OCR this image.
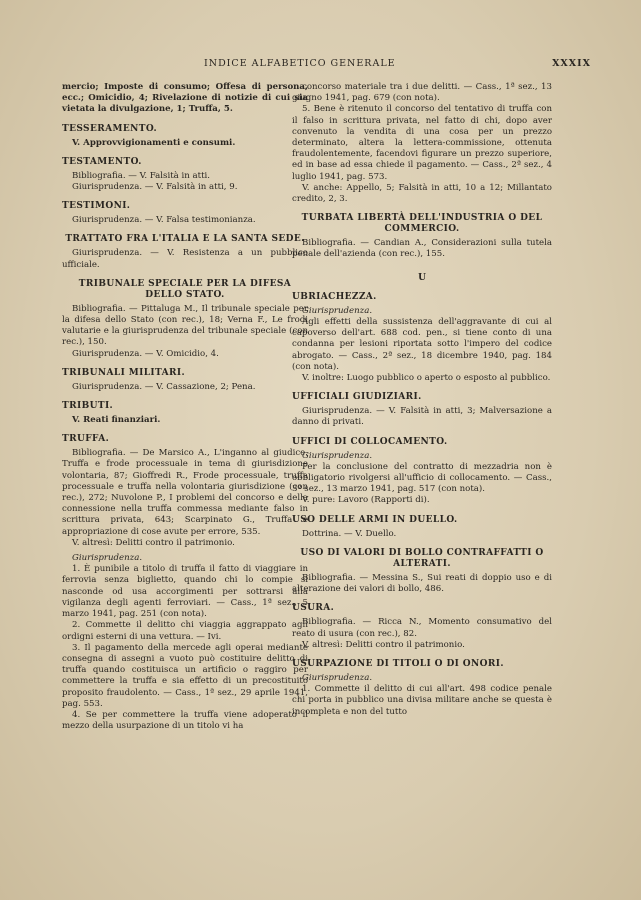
INDICE ALFABETICO GENERALE	XXXIX

mercio; Imposte di consumo; Offesa di persona, ecc.; Omicidio, 4; Rivelazione di notizie di cui sia vietata la divulgazione, 1; Truffa, 5.

TESSERAMENTO.

V. Approvvigionamenti e consumi.

TESTAMENTO.

Bibliografia. — V. Falsità in atti.

Giurisprudenza. — V. Falsità in atti, 9.

TESTIMONI.

Giurisprudenza. — V. Falsa testimonianza.

TRATTATO FRA L'ITALIA E LA SANTA SEDE.

Giurisprudenza. — V. Resistenza a un pubblico ufficiale.

TRIBUNALE SPECIALE PER LA DIFESA DELLO STATO.

Bibliografia. — Pittaluga M., Il tribunale speciale per la difesa dello Stato (con rec.), 18; Verna F., Le frodi valutarie e la giurisprudenza del tribunale speciale (con rec.), 150.

Giurisprudenza. — V. Omicidio, 4.

TRIBUNALI MILITARI.

Giurisprudenza. — V. Cassazione, 2; Pena.

TRIBUTI.

V. Reati finanziari.

TRUFFA.

Bibliografia. — De Marsico A., L'inganno al giudice. Truffa e frode processuale in tema di giurisdizione volontaria, 87; Gioffredi R., Frode processuale, truffa processuale e truffa nella volontaria giurisdizione (con rec.), 272; Nuvolone P., I problemi del concorso e della connessione nella truffa commessa mediante falso in scrittura privata, 643; Scarpinato G., Truffa e appropriazione di cose avute per errore, 535.

V. altresì: Delitti contro il patrimonio.

Giurisprudenza.

1. È punibile a titolo di truffa il fatto di viaggiare in ferrovia senza biglietto, quando chi lo compie si nasconde od usa accorgimenti per sottrarsi alla vigilanza degli agenti ferroviari. — Cass., 1ª sez., 5 marzo 1941, pag. 251 (con nota).

2. Commette il delitto chi viaggia aggrappato agli ordigni esterni di una vettura. — Ivi.

3. Il pagamento della mercede agli operai mediante consegna di assegni a vuoto può costituire delitto di truffa quando costituisca un artificio o raggiro per commettere la truffa e sia effetto di un precostituito proposito fraudolento. — Cass., 1ª sez., 29 aprile 1941, pag. 553.

4. Se per commettere la truffa viene adoperato il mezzo della usurpazione di un titolo vi ha

concorso materiale tra i due delitti. — Cass., 1ª sez., 13 giugno 1941, pag. 679 (con nota).

5. Bene è ritenuto il concorso del tentativo di truffa con il falso in scrittura privata, nel fatto di chi, dopo aver convenuto la vendita di una cosa per un prezzo determinato, altera la lettera-commissione, ottenuta fraudolentemente, facendovi figurare un prezzo superiore, ed in base ad essa chiede il pagamento. — Cass., 2ª sez., 4 luglio 1941, pag. 573.

V. anche: Appello, 5; Falsità in atti, 10 a 12; Millantato credito, 2, 3.

TURBATA LIBERTÀ DELL'INDUSTRIA O DEL COMMERCIO.

Bibliografia. — Candian A., Considerazioni sulla tutela penale dell'azienda (con rec.), 155.

U
UBRIACHEZZA.

Giurisprudenza.

Agli effetti della sussistenza dell'aggravante di cui al capoverso dell'art. 688 cod. pen., si tiene conto di una condanna per lesioni riportata sotto l'impero del codice abrogato. — Cass., 2ª sez., 18 dicembre 1940, pag. 184 (con nota).

V. inoltre: Luogo pubblico o aperto o esposto al pubblico.

UFFICIALI GIUDIZIARI.

Giurisprudenza. — V. Falsità in atti, 3; Malversazione a danno di privati.

UFFICI DI COLLOCAMENTO.

Giurisprudenza.

Per la conclusione del contratto di mezzadria non è obbligatorio rivolgersi all'ufficio di collocamento. — Cass., 3ª sez., 13 marzo 1941, pag. 517 (con nota).

V. pure: Lavoro (Rapporti di).

USO DELLE ARMI IN DUELLO.

Dottrina. — V. Duello.

USO DI VALORI DI BOLLO CONTRAFFATTI O ALTERATI.

Bibliografia. — Messina S., Sui reati di doppio uso e di alterazione dei valori di bollo, 486.

USURA.

Bibliografia. — Ricca N., Momento consumativo del reato di usura (con rec.), 82.

V. altresì: Delitti contro il patrimonio.

USURPAZIONE DI TITOLI O DI ONORI.

Giurisprudenza.

1. Commette il delitto di cui all'art. 498 codice penale chi porta in pubblico una divisa militare anche se questa è incompleta e non del tutto
